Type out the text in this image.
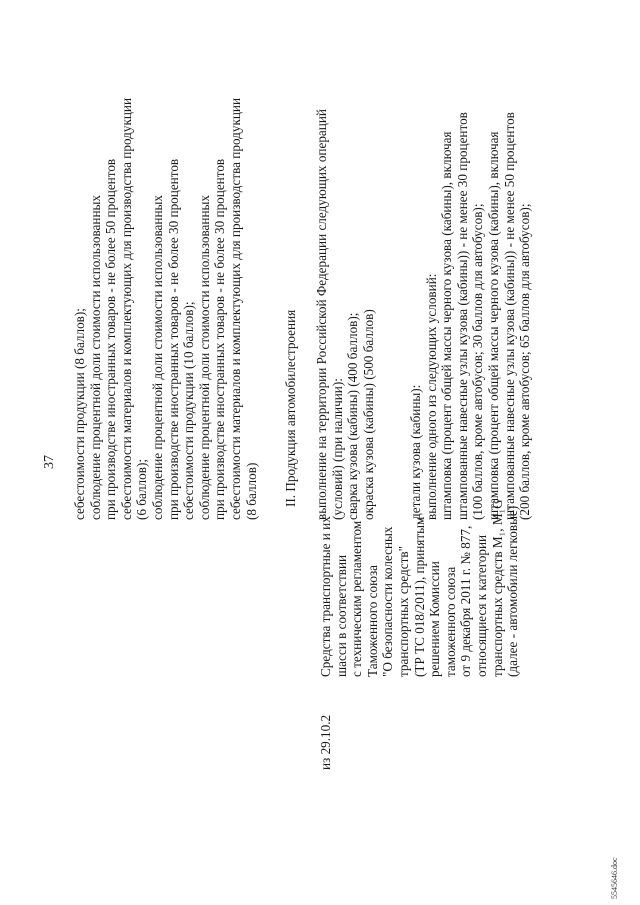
37 себестоимости продукции (8 баллов); соблюдение процентной доли стоимости использованных при производстве иностранных товаров - не более 50 процентов себестоимости материалов и комплектующих для производства продукции (6 баллов); соблюдение процентной доли стоимости использованных при производстве иностранных товаров - не более 30 процентов себестоимости продукции (10 баллов); соблюдение процентной доли стоимости использованных при производстве иностранных товаров - не более 30 процентов себестоимости материалов и комплектующих для производства продукции (8 баллов) II. Продукция автомобилестроения
из 29.10.2
Средства транспортные и их шасси в соответствии с техническим регламентом Таможенного союза "О безопасности колесных транспортных средств" (ТР ТС 018/2011), принятым решением Комиссии таможенного союза от 9 декабря 2011 г. № 877, относящиеся к категории транспортных средств M₁, M₁G (далее - автомобили легковые)
выполнение на территории Российской Федерации следующих операций (условий) (при наличии): сварка кузова (кабины) (400 баллов); окраска кузова (кабины) (500 баллов) детали кузова (кабины): выполнение одного из следующих условий: штамповка (процент общей массы черного кузова (кабины), включая штампованные навесные узлы кузова (кабины)) - не менее 30 процентов (100 баллов, кроме автобусов; 30 баллов для автобусов); штамповка (процент общей массы черного кузова (кабины), включая штампованные навесные узлы кузова (кабины)) - не менее 50 процентов (200 баллов, кроме автобусов; 65 баллов для автобусов);
5545646.doc
